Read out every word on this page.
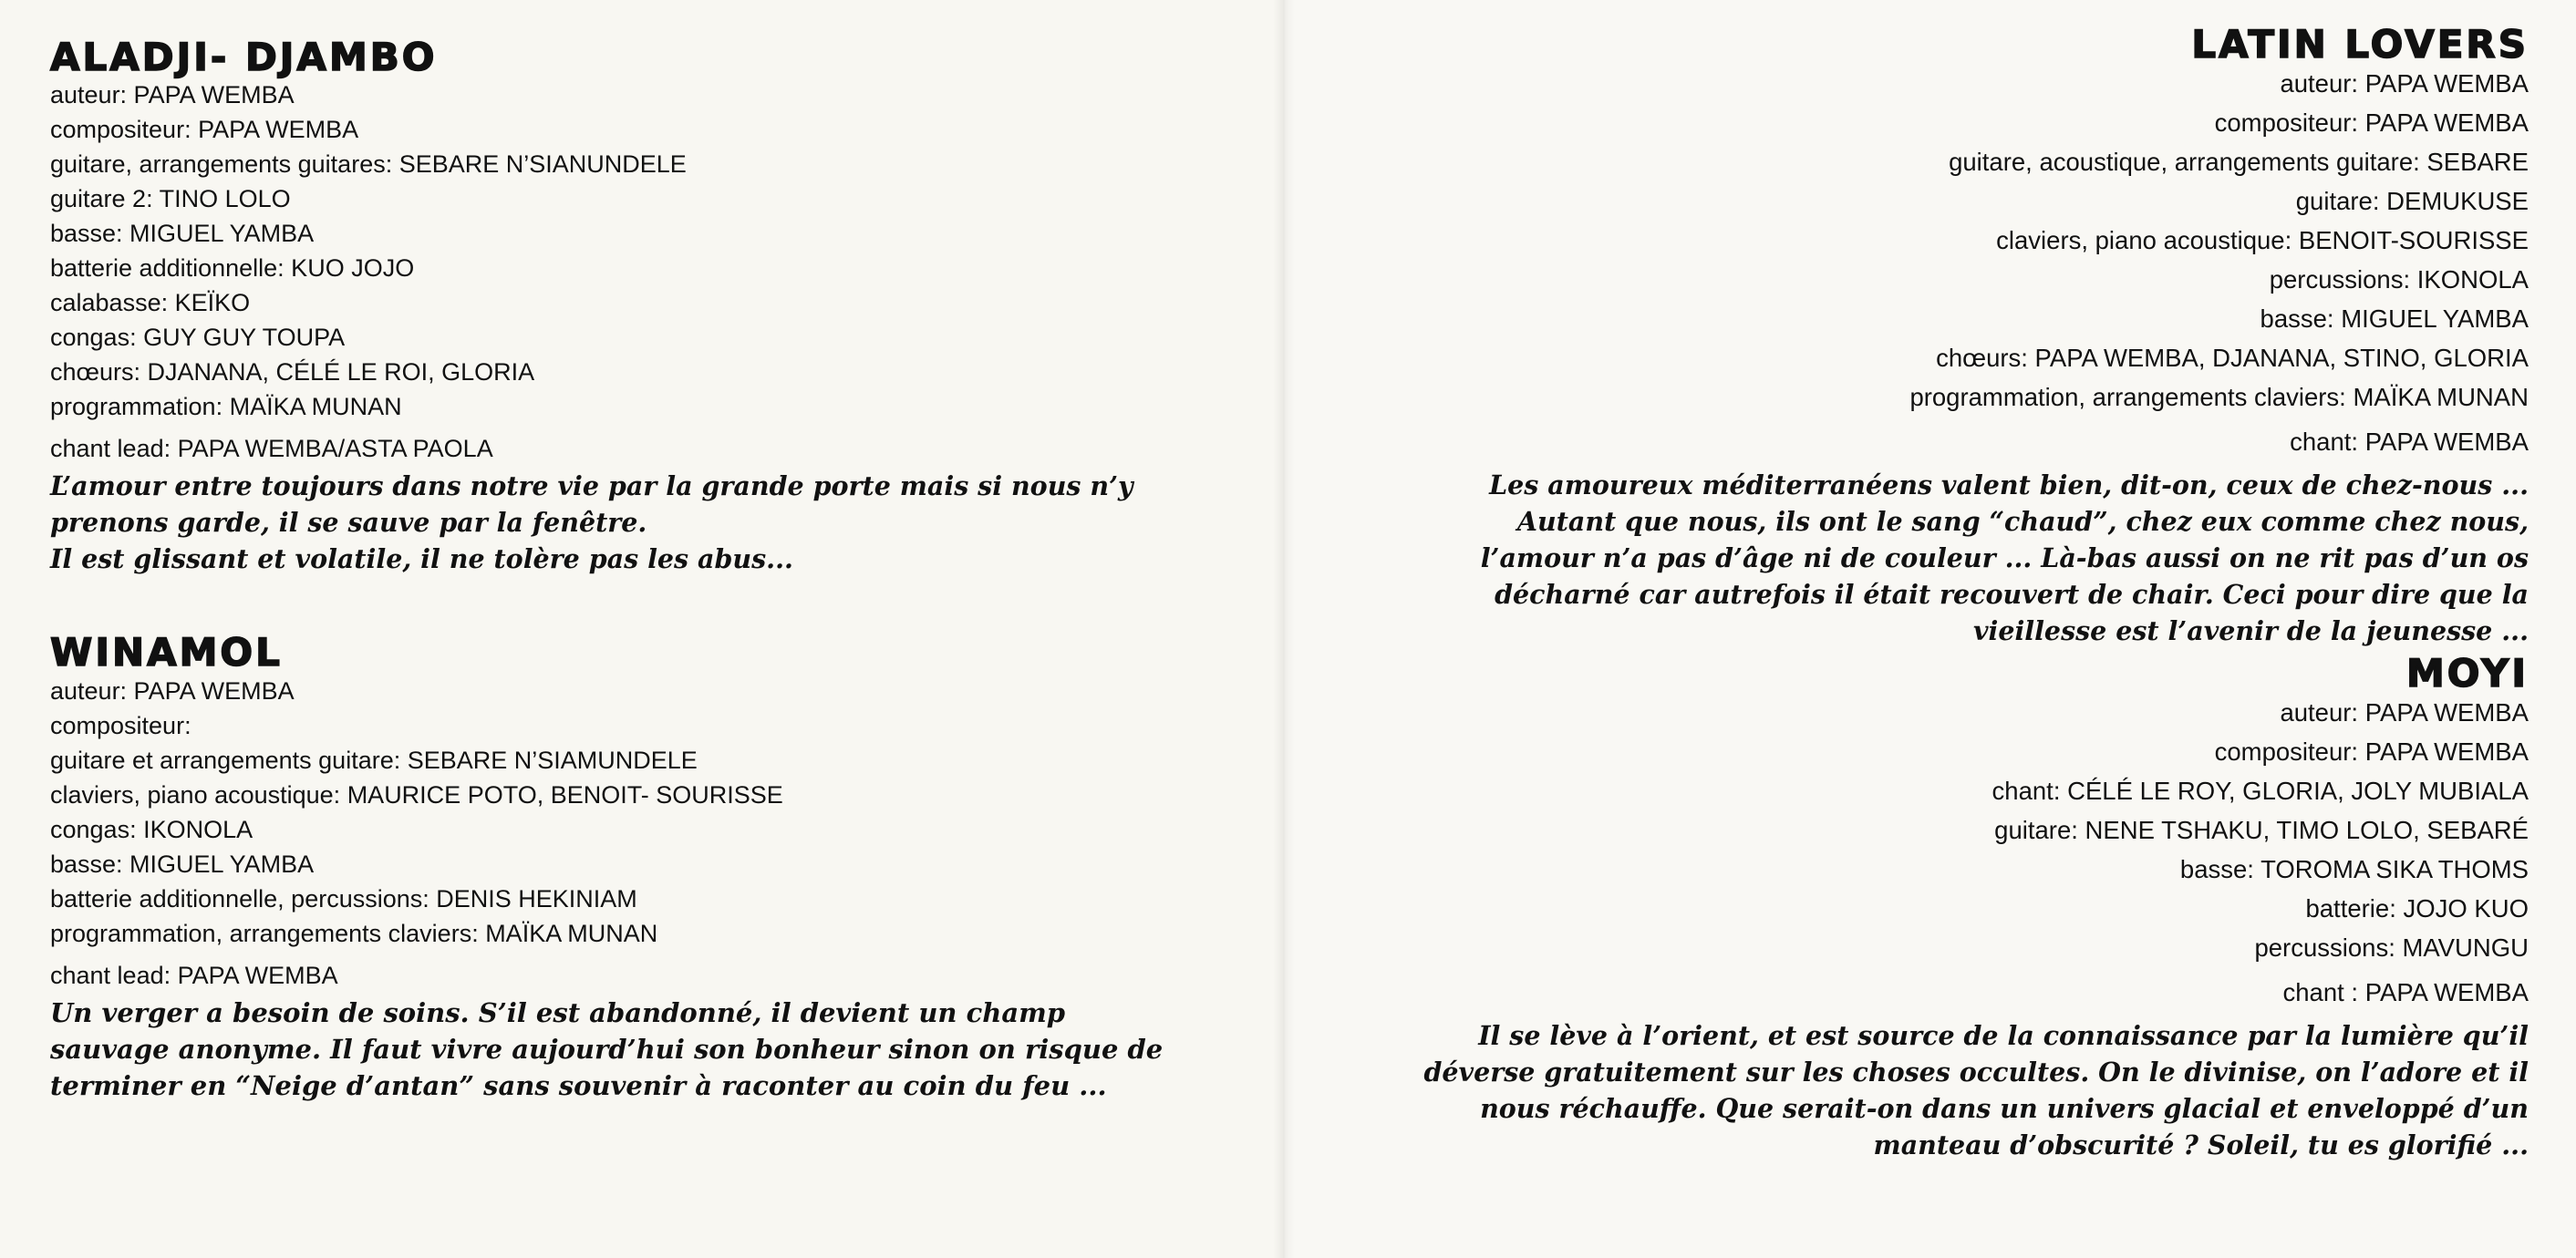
ALADJI- DJAMBO
auteur: PAPA WEMBA
compositeur: PAPA WEMBA
guitare, arrangements guitares: SEBARE N’SIANUNDELE
guitare 2: TINO LOLO
basse: MIGUEL YAMBA
batterie additionnelle: KUO JOJO
calabasse: KEÏKO
congas: GUY GUY TOUPA
chœurs: DJANANA, CÉLÉ LE ROI, GLORIA
programmation: MAÏKA MUNAN
chant lead: PAPA WEMBA/ASTA PAOLA

L’amour entre toujours dans notre vie par la grande porte mais si nous n’y
prenons garde, il se sauve par la fenêtre.
Il est glissant et volatile, il ne tolère pas les abus...

WINAMOL
auteur: PAPA WEMBA
compositeur:
guitare et arrangements guitare: SEBARE N’SIAMUNDELE
claviers, piano acoustique: MAURICE POTO, BENOIT- SOURISSE
congas: IKONOLA
basse: MIGUEL YAMBA
batterie additionnelle, percussions: DENIS HEKINIAM
programmation, arrangements claviers: MAÏKA MUNAN
chant lead: PAPA WEMBA

Un verger a besoin de soins. S’il est abandonné, il devient un champ
sauvage anonyme. Il faut vivre aujourd’hui son bonheur sinon on risque de
terminer en “Neige d’antan” sans souvenir à raconter au coin du feu ...

LATIN LOVERS
auteur: PAPA WEMBA
compositeur: PAPA WEMBA
guitare, acoustique, arrangements guitare: SEBARE
guitare: DEMUKUSE
claviers, piano acoustique: BENOIT-SOURISSE
percussions: IKONOLA
basse: MIGUEL YAMBA
chœurs: PAPA WEMBA, DJANANA, STINO, GLORIA
programmation, arrangements claviers: MAÏKA MUNAN
chant: PAPA WEMBA

Les amoureux méditerranéens valent bien, dit-on, ceux de chez-nous ...
Autant que nous, ils ont le sang “chaud”, chez eux comme chez nous,
l’amour n’a pas d’âge ni de couleur ... Là-bas aussi on ne rit pas d’un os
décharné car autrefois il était recouvert de chair. Ceci pour dire que la
vieillesse est l’avenir de la jeunesse ...

MOYI
auteur: PAPA WEMBA
compositeur: PAPA WEMBA
chant: CÉLÉ LE ROY, GLORIA, JOLY MUBIALA
guitare: NENE TSHAKU, TIMO LOLO, SEBARÉ
basse: TOROMA SIKA THOMS
batterie: JOJO KUO
percussions: MAVUNGU
chant : PAPA WEMBA

Il se lève à l’orient, et est source de la connaissance par la lumière qu’il
déverse gratuitement sur les choses occultes. On le divinise, on l’adore et il
nous réchauffe. Que serait-on dans un univers glacial et enveloppé d’un
manteau d’obscurité ? Soleil, tu es glorifié ...
